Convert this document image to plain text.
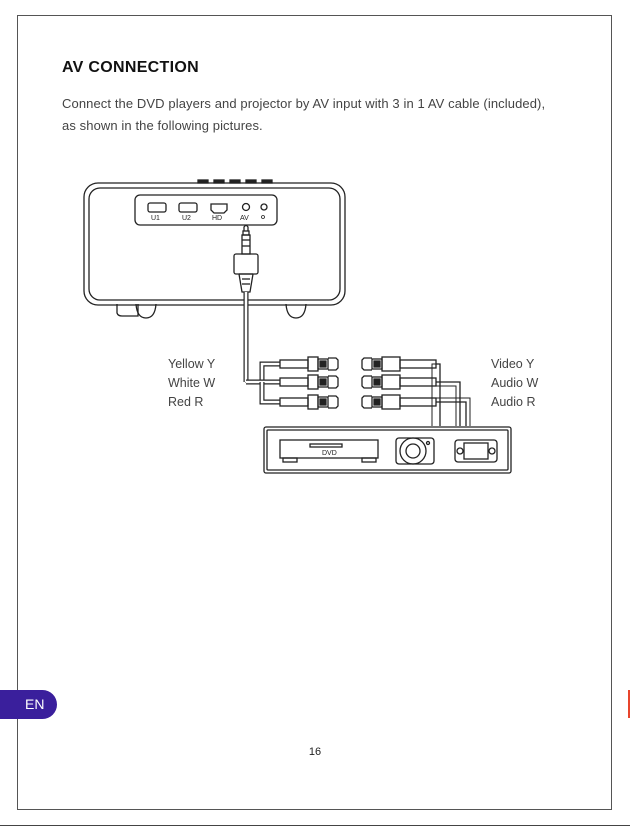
AV CONNECTION
Connect the DVD players and projector by AV input with 3 in 1 AV cable (included),
as shown in the following pictures.
U1	U2	HD	AV
Yellow Y
White W
Red R
Video Y
Audio W
Audio R
DVD
EN
16
